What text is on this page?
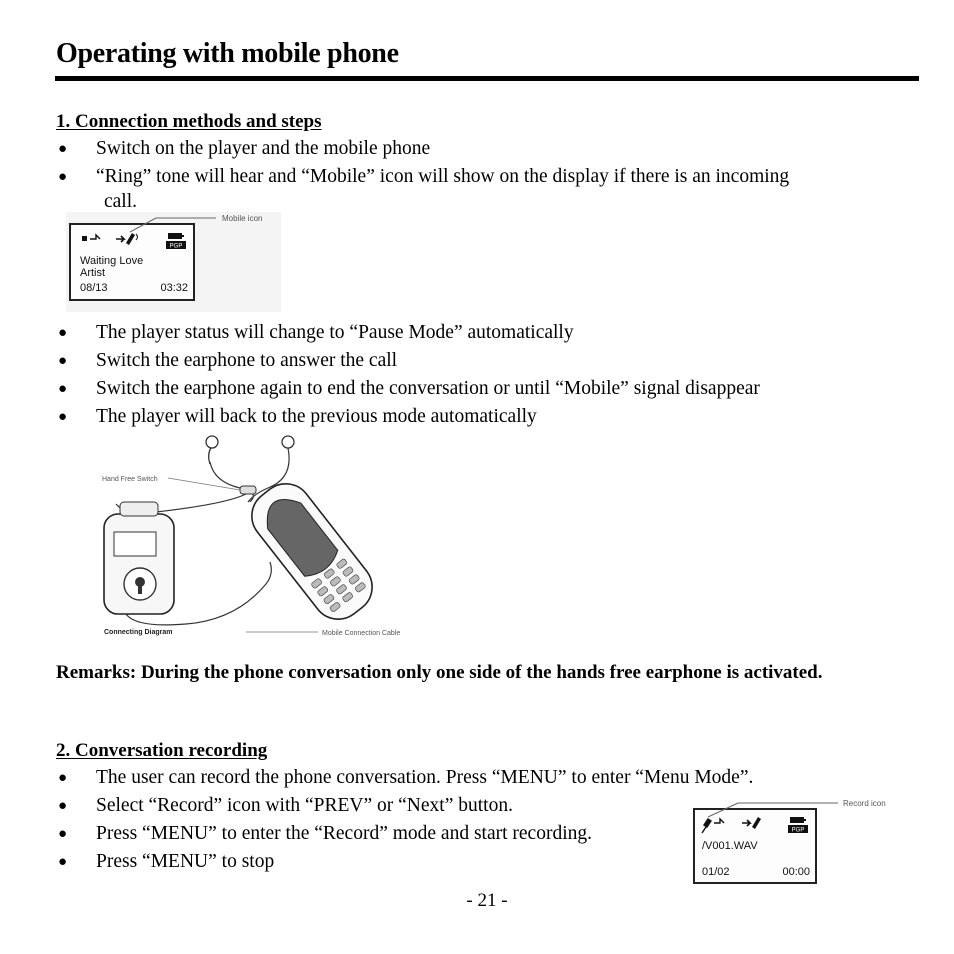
Operating with mobile phone
1. Connection methods and steps
● Switch on the player and the mobile phone
● “Ring” tone will hear and “Mobile” icon will show on the display if there is an incoming
call.
PGP
Waiting Love
Artist
08/13	03:32
Mobile icon
● The player status will change to “Pause Mode” automatically
● Switch the earphone to answer the call
● Switch the earphone again to end the conversation or until “Mobile” signal disappear
● The player will back to the previous mode automatically
Hand Free Switch
Connecting Diagram	Mobile Connection Cable

Remarks: During the phone conversation only one side of the hands free earphone is activated.

2. Conversation recording
● The user can record the phone conversation. Press “MENU” to enter “Menu Mode”.
● Select “Record” icon with “PREV” or “Next” button.
● Press “MENU” to enter the “Record” mode and start recording.
● Press “MENU” to stop
PGP
/V001.WAV
01/02	00:00
Record icon
- 21 -
